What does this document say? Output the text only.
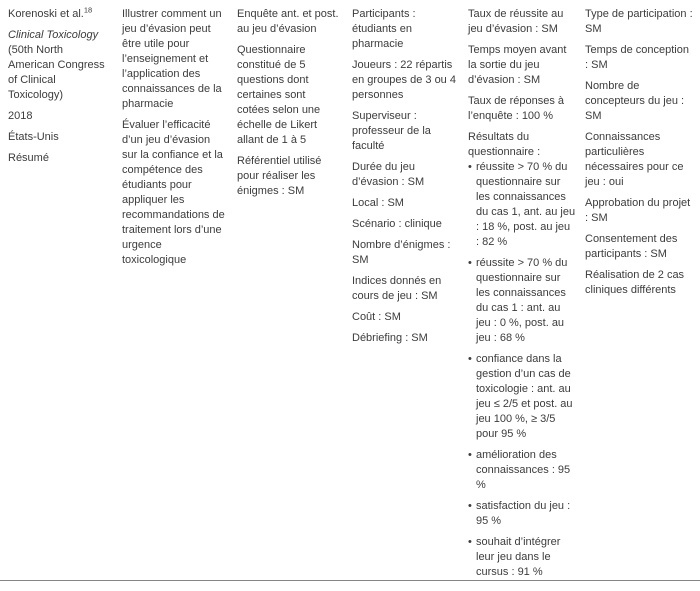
Korenoski et al.$^{18}$

Clinical Toxicology (50th North American Congress of Clinical Toxicology)

2018

États-Unis

Résumé

Illustrer comment un jeu d’évasion peut être utile pour l’enseignement et l’application des connaissances de la pharmacie

Évaluer l’efficacité d’un jeu d’évasion sur la confiance et la compétence des étudiants pour appliquer les recommandations de traitement lors d’une urgence toxicologique

Enquête ant. et post. au jeu d’évasion

Questionnaire constitué de 5 questions dont certaines sont cotées selon une échelle de Likert allant de 1 à 5

Référentiel utilisé pour réaliser les énigmes : SM

Participants : étudiants en pharmacie

Joueurs : 22 répartis en groupes de 3 ou 4 personnes

Superviseur : professeur de la faculté

Durée du jeu d’évasion : SM

Local : SM

Scénario : clinique

Nombre d’énigmes : SM

Indices donnés en cours de jeu : SM

Coût : SM

Débriefing : SM

Taux de réussite au jeu d’évasion : SM

Temps moyen avant la sortie du jeu d’évasion : SM

Taux de réponses à l’enquête : 100 %

Résultats du questionnaire :

• réussite > 70 % du questionnaire sur les connaissances du cas 1, ant. au jeu : 18 %, post. au jeu : 82 %
• réussite > 70 % du questionnaire sur les connaissances du cas 1 : ant. au jeu : 0 %, post. au jeu : 68 %
• confiance dans la gestion d’un cas de toxicologie : ant. au jeu ≤ 2/5 et post. au jeu 100 %, ≥ 3/5 pour 95 %
• amélioration des connaissances : 95 %
• satisfaction du jeu : 95 %
• souhait d’intégrer leur jeu dans le cursus : 91 %

Type de participation : SM

Temps de conception : SM

Nombre de concepteurs du jeu : SM

Connaissances particulières nécessaires pour ce jeu : oui

Approbation du projet : SM

Consentement des participants : SM

Réalisation de 2 cas cliniques différents
